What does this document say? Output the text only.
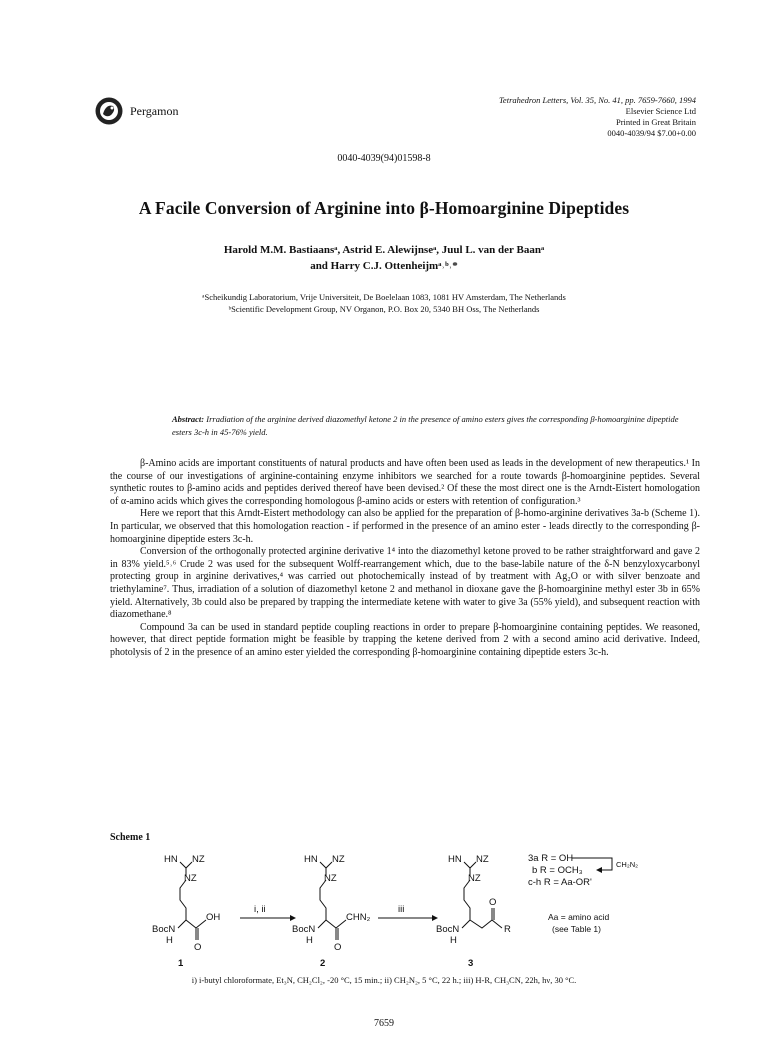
Pergamon
Tetrahedron Letters, Vol. 35, No. 41, pp. 7659-7660, 1994
Elsevier Science Ltd
Printed in Great Britain
0040-4039/94 $7.00+0.00
0040-4039(94)01598-8
A Facile Conversion of Arginine into β-Homoarginine Dipeptides
Harold M.M. Bastiaansᵃ, Astrid E. Alewijnseᵃ, Juul L. van der Baanᵃ
and Harry C.J. Ottenheijmᵃ˒ᵇ˒*
ᵃScheikundig Laboratorium, Vrije Universiteit, De Boelelaan 1083, 1081 HV Amsterdam, The Netherlands
ᵇScientific Development Group, NV Organon, P.O. Box 20, 5340 BH Oss, The Netherlands
Abstract: Irradiation of the arginine derived diazomethyl ketone 2 in the presence of amino esters gives the corresponding β-homoarginine dipeptide esters 3c-h in 45-76% yield.

β-Amino acids are important constituents of natural products and have often been used as leads in the development of new therapeutics.¹ In the course of our investigations of arginine-containing enzyme inhibitors we searched for a route towards β-homoarginine peptides. Several synthetic routes to β-amino acids and peptides derived thereof have been devised.² Of these the most direct one is the Arndt-Eistert homologation of α-amino acids which gives the corresponding homologous β-amino acids or esters with retention of configuration.³

Here we report that this Arndt-Eistert methodology can also be applied for the preparation of β-homo-arginine derivatives 3a-b (Scheme 1). In particular, we observed that this homologation reaction - if performed in the presence of an amino ester - leads directly to the corresponding β-homoarginine dipeptide esters 3c-h.

Conversion of the orthogonally protected arginine derivative 1⁴ into the diazomethyl ketone proved to be rather straightforward and gave 2 in 83% yield.⁵˒⁶ Crude 2 was used for the subsequent Wolff-rearrangement which, due to the base-labile nature of the δ-N benzyloxycarbonyl protecting group in arginine derivatives,⁴ was carried out photochemically instead of by treatment with Ag₂O or with silver benzoate and triethylamine⁷. Thus, irradiation of a solution of diazomethyl ketone 2 and methanol in dioxane gave the β-homoarginine methyl ester 3b in 65% yield. Alternatively, 3b could also be prepared by trapping the intermediate ketene with water to give 3a (55% yield), and subsequent reaction with diazomethane.⁸

Compound 3a can be used in standard peptide coupling reactions in order to prepare β-homoarginine containing peptides. We reasoned, however, that direct peptide formation might be feasible by trapping the ketene derived from 2 with a second amino acid derivative. Indeed, photolysis of 2 in the presence of an amino ester yielded the corresponding β-homoarginine containing dipeptide esters 3c-h.

Scheme 1
HN NZ
NZ
BocN
H
OH
O
HN NZ
NZ
BocN
H
CHN₂
O
HN NZ
NZ
BocN
H
O
R
i, ii	iii
1	2	3
3a R = OH
b R = OCH₃
CH₂N₂
c-h R = Aa-OR'
Aa = amino acid
(see Table 1)
i) i-butyl chloroformate, Et₃N, CH₂Cl₂, -20 °C, 15 min.; ii) CH₂N₂, 5 °C, 22 h.; iii) H-R, CH₃CN, 22h, hν, 30 °C.
7659
